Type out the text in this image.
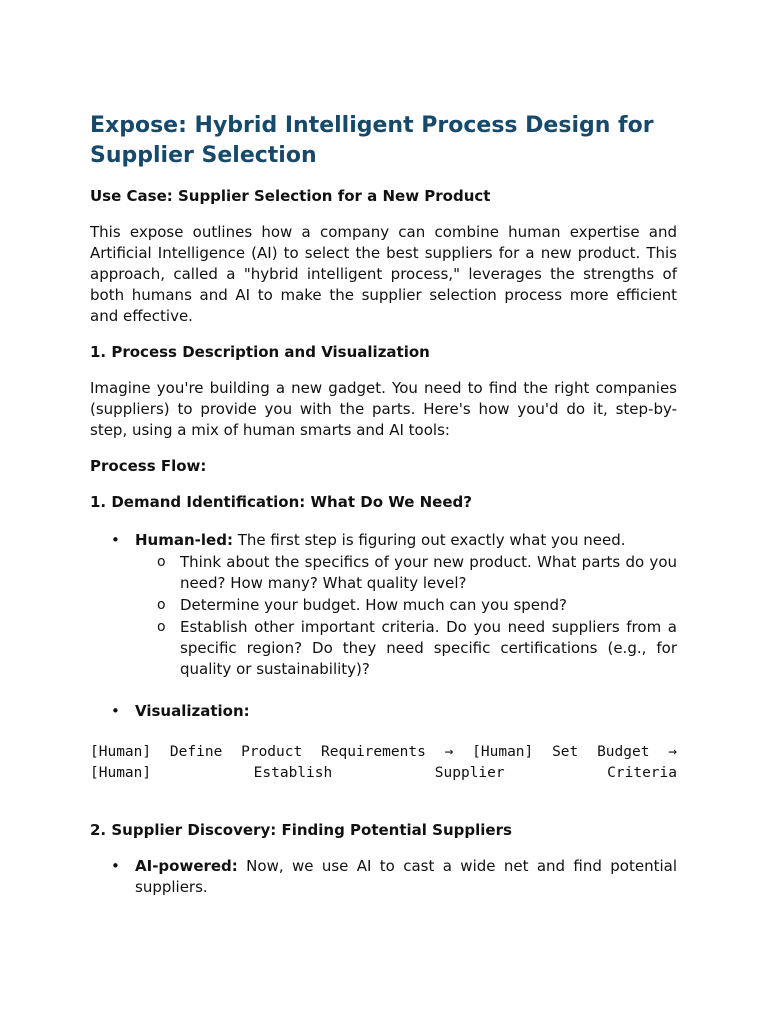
Expose: Hybrid Intelligent Process Design for Supplier Selection

Use Case: Supplier Selection for a New Product

This expose outlines how a company can combine human expertise and Artificial Intelligence (AI) to select the best suppliers for a new product. This approach, called a "hybrid intelligent process," leverages the strengths of both humans and AI to make the supplier selection process more efficient and effective.

1. Process Description and Visualization

Imagine you're building a new gadget. You need to find the right companies (suppliers) to provide you with the parts. Here's how you'd do it, step-by-step, using a mix of human smarts and AI tools:

Process Flow:

1. Demand Identification: What Do We Need?

• Human-led: The first step is figuring out exactly what you need.
o Think about the specifics of your new product. What parts do you need? How many? What quality level?
o Determine your budget. How much can you spend?
o Establish other important criteria. Do you need suppliers from a specific region? Do they need specific certifications (e.g., for quality or sustainability)?
• Visualization:
[Human] Define Product Requirements → [Human] Set Budget →
[Human] Establish Supplier Criteria

2. Supplier Discovery: Finding Potential Suppliers

• AI-powered: Now, we use AI to cast a wide net and find potential suppliers.
